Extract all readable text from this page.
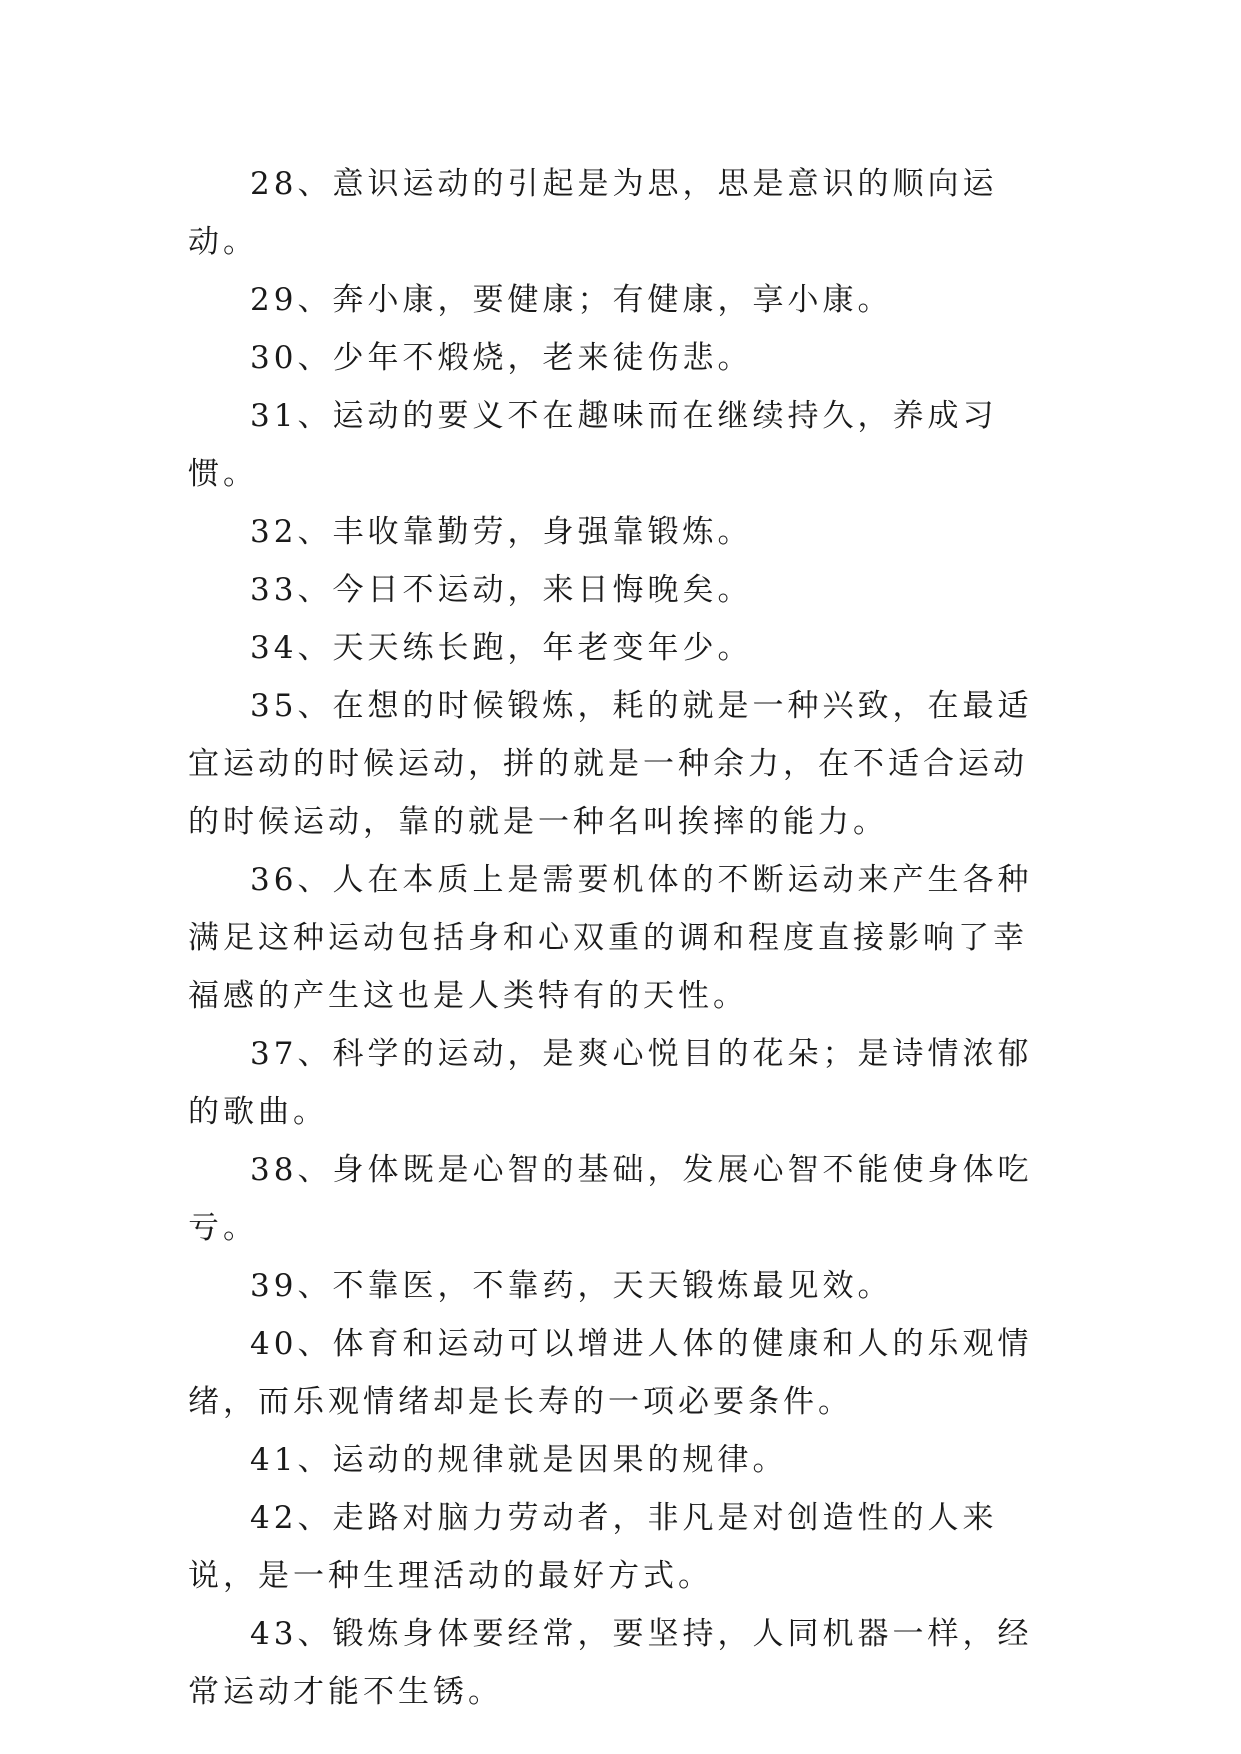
28、意识运动的引起是为思，思是意识的顺向运动。

29、奔小康，要健康；有健康，享小康。

30、少年不煅烧，老来徒伤悲。

31、运动的要义不在趣味而在继续持久，养成习惯。

32、丰收靠勤劳，身强靠锻炼。

33、今日不运动，来日悔晚矣。

34、天天练长跑，年老变年少。

35、在想的时候锻炼，耗的就是一种兴致，在最适宜运动的时候运动，拼的就是一种余力，在不适合运动的时候运动，靠的就是一种名叫挨摔的能力。

36、人在本质上是需要机体的不断运动来产生各种满足这种运动包括身和心双重的调和程度直接影响了幸福感的产生这也是人类特有的天性。

37、科学的运动，是爽心悦目的花朵；是诗情浓郁的歌曲。

38、身体既是心智的基础，发展心智不能使身体吃亏。

39、不靠医，不靠药，天天锻炼最见效。

40、体育和运动可以增进人体的健康和人的乐观情绪，而乐观情绪却是长寿的一项必要条件。

41、运动的规律就是因果的规律。

42、走路对脑力劳动者，非凡是对创造性的人来说，是一种生理活动的最好方式。

43、锻炼身体要经常，要坚持，人同机器一样，经常运动才能不生锈。
